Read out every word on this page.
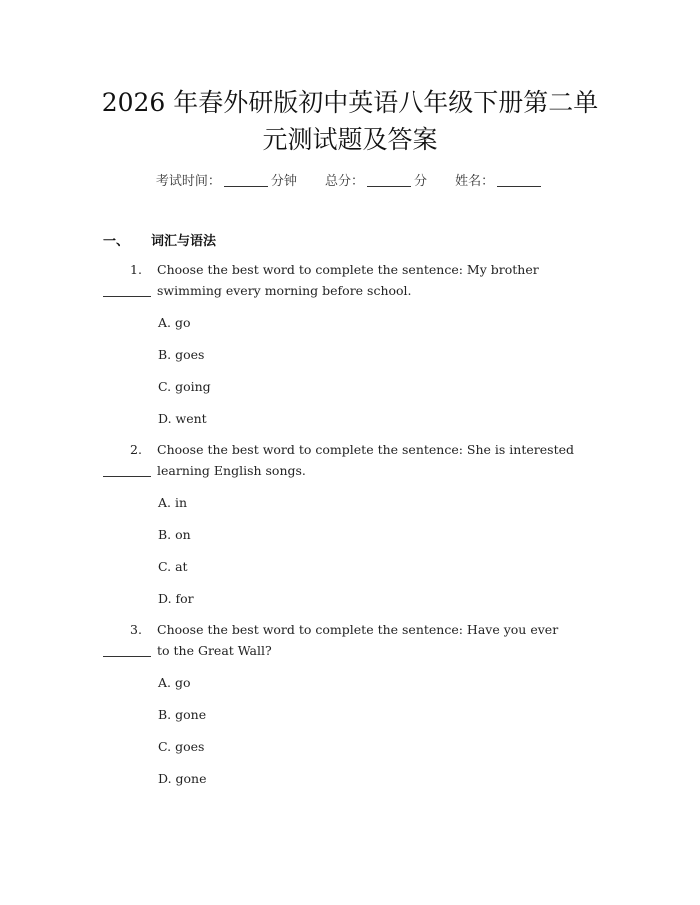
2026 年春外研版初中英语八年级下册第二单
元测试题及答案
考试时间：	分钟 总分：	分 姓名：
一、 词汇与语法
1. Choose the best word to complete the sentence: My brother
swimming every morning before school.
A. go
B. goes
C. going
D. went
2. Choose the best word to complete the sentence: She is interested
learning English songs.
A. in
B. on
C. at
D. for
3. Choose the best word to complete the sentence: Have you ever
to the Great Wall?
A. go
B. gone
C. goes
D. gone
